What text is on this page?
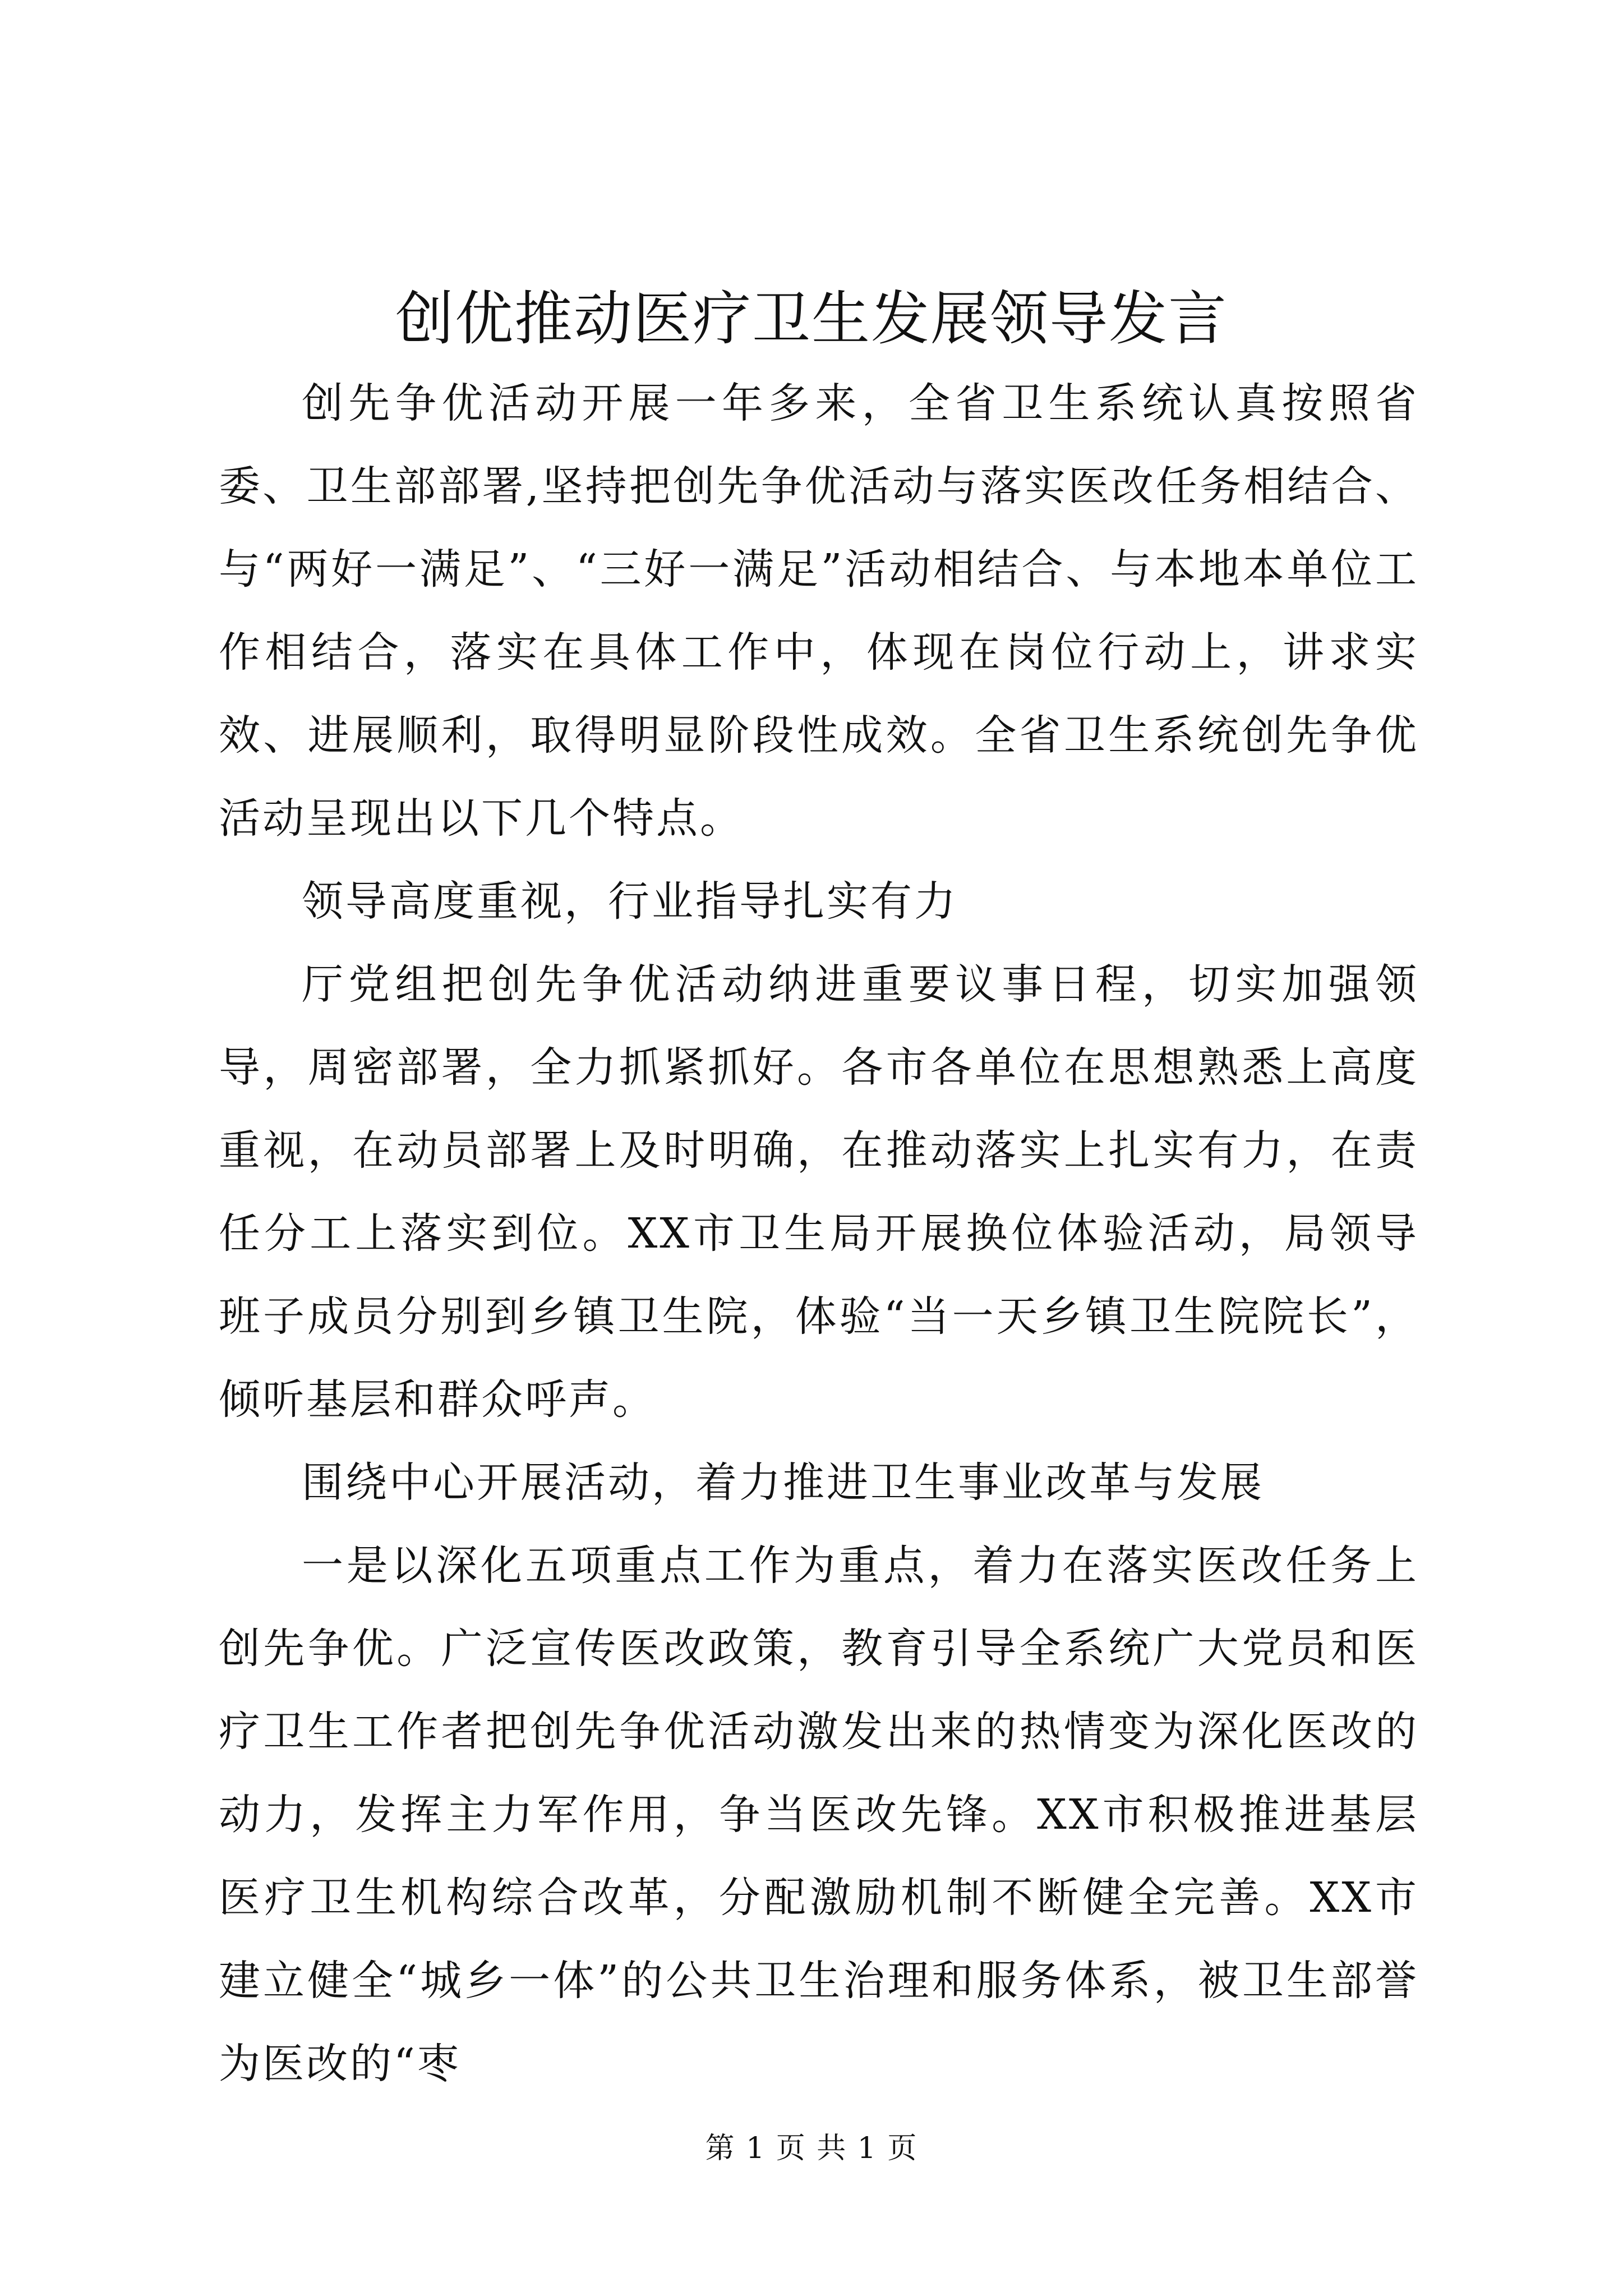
创优推动医疗卫生发展领导发言

创先争优活动开展一年多来，全省卫生系统认真按照省委、卫生部部署,坚持把创先争优活动与落实医改任务相结合、与“两好一满足”、“三好一满足”活动相结合、与本地本单位工作相结合，落实在具体工作中，体现在岗位行动上，讲求实效、进展顺利，取得明显阶段性成效。全省卫生系统创先争优活动呈现出以下几个特点。

领导高度重视，行业指导扎实有力

厅党组把创先争优活动纳进重要议事日程，切实加强领导，周密部署，全力抓紧抓好。各市各单位在思想熟悉上高度重视，在动员部署上及时明确，在推动落实上扎实有力，在责任分工上落实到位。XX市卫生局开展换位体验活动，局领导班子成员分别到乡镇卫生院，体验“当一天乡镇卫生院院长”，倾听基层和群众呼声。

围绕中心开展活动，着力推进卫生事业改革与发展

一是以深化五项重点工作为重点，着力在落实医改任务上创先争优。广泛宣传医改政策，教育引导全系统广大党员和医疗卫生工作者把创先争优活动激发出来的热情变为深化医改的动力，发挥主力军作用，争当医改先锋。XX市积极推进基层医疗卫生机构综合改革，分配激励机制不断健全完善。XX市建立健全“城乡一体”的公共卫生治理和服务体系，被卫生部誉为医改的“枣

第 1 页 共 1 页
